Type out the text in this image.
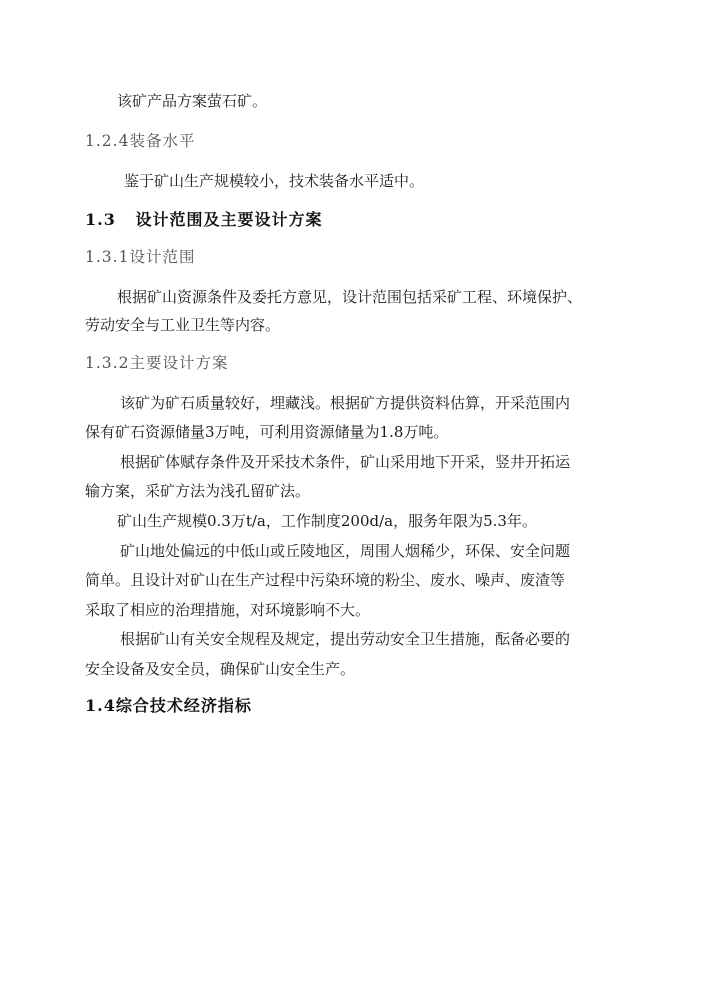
该矿产品方案萤石矿。
1.2.4装备水平
鉴于矿山生产规模较小，技术装备水平适中。
1.3   设计范围及主要设计方案
1.3.1设计范围
根据矿山资源条件及委托方意见，设计范围包括采矿工程、环境保护、
劳动安全与工业卫生等内容。
1.3.2主要设计方案
该矿为矿石质量较好，埋藏浅。根据矿方提供资料估算，开采范围内
保有矿石资源储量3万吨，可利用资源储量为1.8万吨。
根据矿体赋存条件及开采技术条件，矿山采用地下开采，竖井开拓运
输方案，采矿方法为浅孔留矿法。
矿山生产规模0.3万t/a，工作制度200d/a，服务年限为5.3年。
矿山地处偏远的中低山或丘陵地区，周围人烟稀少，环保、安全问题
简单。且设计对矿山在生产过程中污染环境的粉尘、废水、噪声、废渣等
采取了相应的治理措施，对环境影响不大。
根据矿山有关安全规程及规定，提出劳动安全卫生措施，酝备必要的
安全设备及安全员，确保矿山安全生产。
1.4综合技术经济指标
